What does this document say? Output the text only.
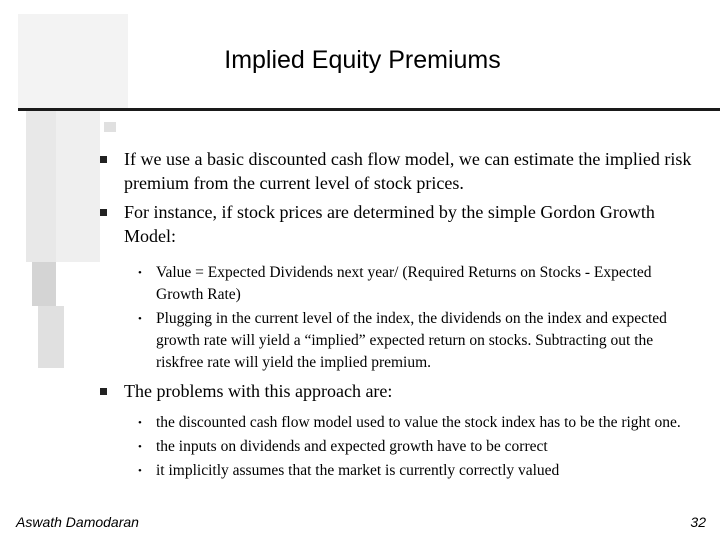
Implied Equity Premiums
If we use a basic discounted cash flow model, we can estimate the implied risk premium from the current level of stock prices.
For instance, if stock prices are determined by the simple Gordon Growth Model:
• Value = Expected Dividends next year/ (Required Returns on Stocks - Expected Growth Rate)
• Plugging in the current level of the index, the dividends on the index and expected growth rate will yield a “implied” expected return on stocks. Subtracting out the riskfree rate will yield the implied premium.
The problems with this approach are:
• the discounted cash flow model used to value the stock index has to be the right one.
• the inputs on dividends and expected growth have to be correct
• it implicitly assumes that the market is currently correctly valued
Aswath Damodaran	32
